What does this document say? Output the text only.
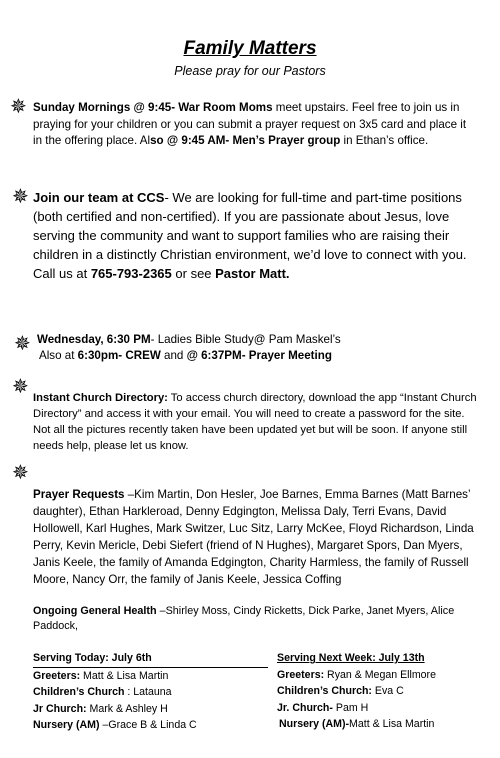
Family Matters
Please pray for our Pastors
✵ Sunday Mornings @ 9:45- War Room Moms meet upstairs. Feel free to join us in praying for your children or you can submit a prayer request on 3x5 card and place it in the offering place. Also @ 9:45 AM- Men’s Prayer group in Ethan’s office.
✵ Join our team at CCS- We are looking for full-time and part-time positions (both certified and non-certified). If you are passionate about Jesus, love serving the community and want to support families who are raising their children in a distinctly Christian environment, we’d love to connect with you. Call us at 765-793-2365 or see Pastor Matt.
✵ Wednesday, 6:30 PM- Ladies Bible Study@ Pam Maskel’s
Also at 6:30pm- CREW and @ 6:37PM- Prayer Meeting
✵ Instant Church Directory: To access church directory, download the app “Instant Church Directory” and access it with your email. You will need to create a password for the site. Not all the pictures recently taken have been updated yet but will be soon. If anyone still needs help, please let us know.
✵
Prayer Requests –Kim Martin, Don Hesler, Joe Barnes, Emma Barnes (Matt Barnes’ daughter), Ethan Harkleroad, Denny Edgington, Melissa Daly, Terri Evans, David Hollowell, Karl Hughes, Mark Switzer, Luc Sitz, Larry McKee, Floyd Richardson, Linda Perry, Kevin Mericle, Debi Siefert (friend of N Hughes), Margaret Spors, Dan Myers, Janis Keele, the family of Amanda Edgington, Charity Harmless, the family of Russell Moore, Nancy Orr, the family of Janis Keele, Jessica Coffing
Ongoing General Health –Shirley Moss, Cindy Ricketts, Dick Parke, Janet Myers, Alice Paddock,
Serving Today: July 6th
Greeters: Matt & Lisa Martin
Children’s Church : Latauna
Jr Church: Mark & Ashley H
Nursery (AM) –Grace B & Linda C
Serving Next Week: July 13th
Greeters: Ryan & Megan Ellmore
Children’s Church: Eva C
Jr. Church- Pam H
Nursery (AM)-Matt & Lisa Martin
